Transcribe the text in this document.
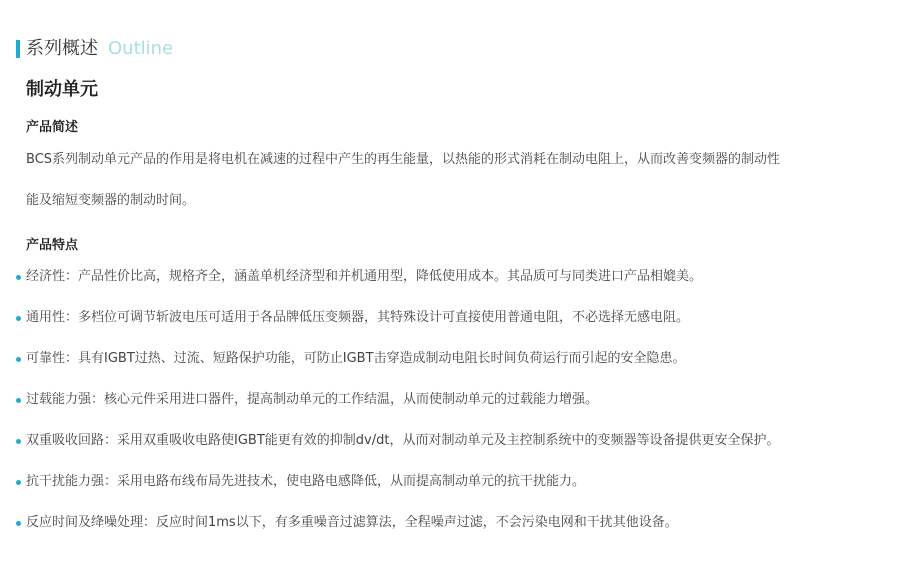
系列概述 Outline
制动单元
产品简述
BCS系列制动单元产品的作用是将电机在减速的过程中产生的再生能量，以热能的形式消耗在制动电阻上，从而改善变频器的制动性
能及缩短变频器的制动时间。
产品特点
经济性：产品性价比高，规格齐全，涵盖单机经济型和并机通用型，降低使用成本。其品质可与同类进口产品相媲美。
通用性：多档位可调节斩波电压可适用于各品牌低压变频器，其特殊设计可直接使用普通电阻，不必选择无感电阻。
可靠性：具有IGBT过热、过流、短路保护功能，可防止IGBT击穿造成制动电阻长时间负荷运行而引起的安全隐患。
过载能力强：核心元件采用进口器件，提高制动单元的工作结温，从而使制动单元的过载能力增强。
双重吸收回路：采用双重吸收电路使IGBT能更有效的抑制dv/dt，从而对制动单元及主控制系统中的变频器等设备提供更安全保护。
抗干扰能力强：采用电路布线布局先进技术，使电路电感降低，从而提高制动单元的抗干扰能力。
反应时间及绛噪处理：反应时间1ms以下，有多重噪音过滤算法，全程噪声过滤，不会污染电网和干扰其他设备。
